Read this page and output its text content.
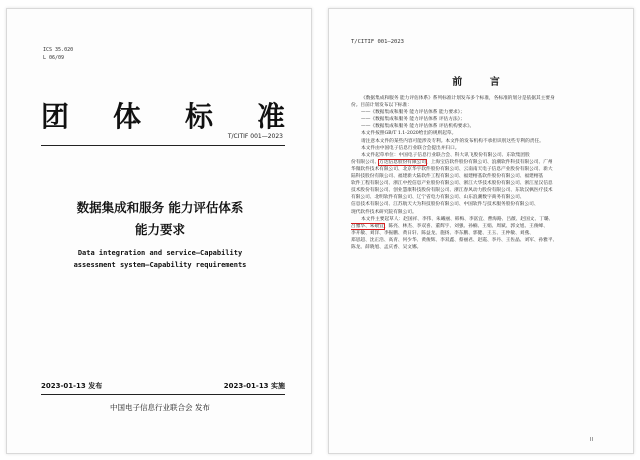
ICS 35.020
L 06/09
团 体 标 准
T/CITIF 001—2023
数据集成和服务 能力评估体系
能力要求
Data integration and service—Capability
assessment system—Capability requirements
2023-01-13 发布	2023-01-13 实施
中国电子信息行业联合会 发布
T/CITIF 001—2023
前 言
《数据集成和服务 能力评估体系》系列标准计划发布多个标准，各标准的划分是依据其主要身
份。目前计划发布以下标准：
——《数据集成和服务 能力评估体系 能力要求》；
——《数据集成和服务 能力评估体系 评估方法》；
——《数据集成和服务 能力评估体系 评估机构要求》。
本文件按照GB/T 1.1-2020给出的规则起草。
请注意本文件的某些内容可能涉及专利。本文件的发布机构不承担识别这些专利的责任。
本文件由中国电子信息行业联合会提出并归口。
本文件起草单位：中国电子信息行业联合会、科大讯飞股份有限公司、东软集团股
份有限公司、万达信息股份有限公司、上海宝信软件股份有限公司、浪潮软件科技有限公司、广州
华微软件技术有限公司、北京华宇软件股份有限公司、云南南天电子信息产业股份有限公司、新大
陆科技股份有限公司、福建新大陆软件工程有限公司、福建榕基软件股份有限公司、福建榕基
软件工程有限公司、浙江中控信息产业股份有限公司、浙江大华技术股份有限公司、浙江星汉信息
技术股份有限公司、创业慧康科技股份有限公司、浙江春风动力股份有限公司、东软汉枫医疗技术
有限公司、北明软件有限公司、辽宁省电力有限公司、山东浪潮数字商务有限公司、
信息技术有限公司、江苏航天大为科技股份有限公司、中国软件与技术服务股份有限公司、
现代软件技术研究院有限公司。
本文件主要起草人：赵国祥、李伟、朱曦丽、韩梅、李富宜、曹海路、吕薇、赵国文、丁璐、
吕雅华、朱敬宜、陈亮、林杰、李双喜、董辉宇、刘强、孙楠、王娟、周斌、郭文旭、王俊峰、
李开敏、刘洋、李振鹏、黄日轩、陈益龙、施扬、李东鹏、郭健、王玉、王仲敏、刘燕、
郑思超、沈正浩、高青、何少华、黄俊辉、李双鑫、蔡丽君、赵霞、李丹、王佐晶、刘军、孙雅平、
陈龙、薛晓旭、孟庆香、吴文娜。
II
